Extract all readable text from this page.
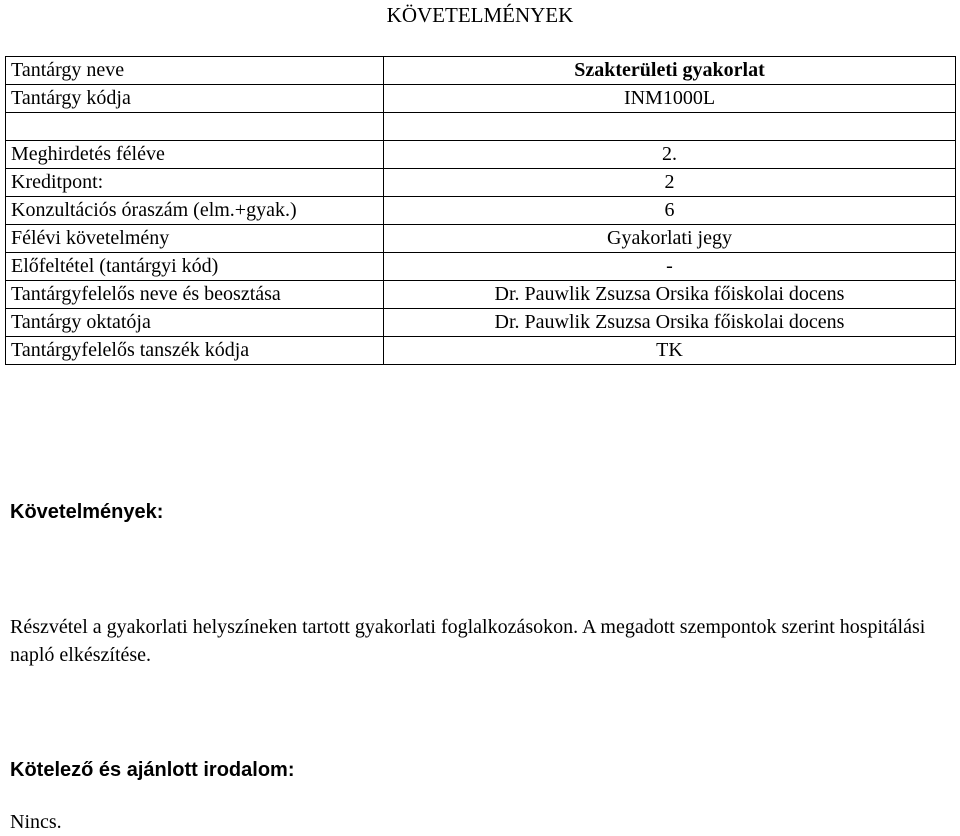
KÖVETELMÉNYEK
Tantárgy neve	Szakterületi gyakorlat
Tantárgy kódja	INM1000L

Meghirdetés féléve	2.
Kreditpont:	2
Konzultációs óraszám (elm.+gyak.)	6
Félévi követelmény	Gyakorlati jegy
Előfeltétel (tantárgyi kód)	-
Tantárgyfelelős neve és beosztása	Dr. Pauwlik Zsuzsa Orsika főiskolai docens
Tantárgy oktatója	Dr. Pauwlik Zsuzsa Orsika főiskolai docens
Tantárgyfelelős tanszék kódja	TK
Követelmények:
Részvétel a gyakorlati helyszíneken tartott gyakorlati foglalkozásokon. A megadott szempontok szerint hospitálási napló elkészítése.
Kötelező és ajánlott irodalom:
Nincs.
